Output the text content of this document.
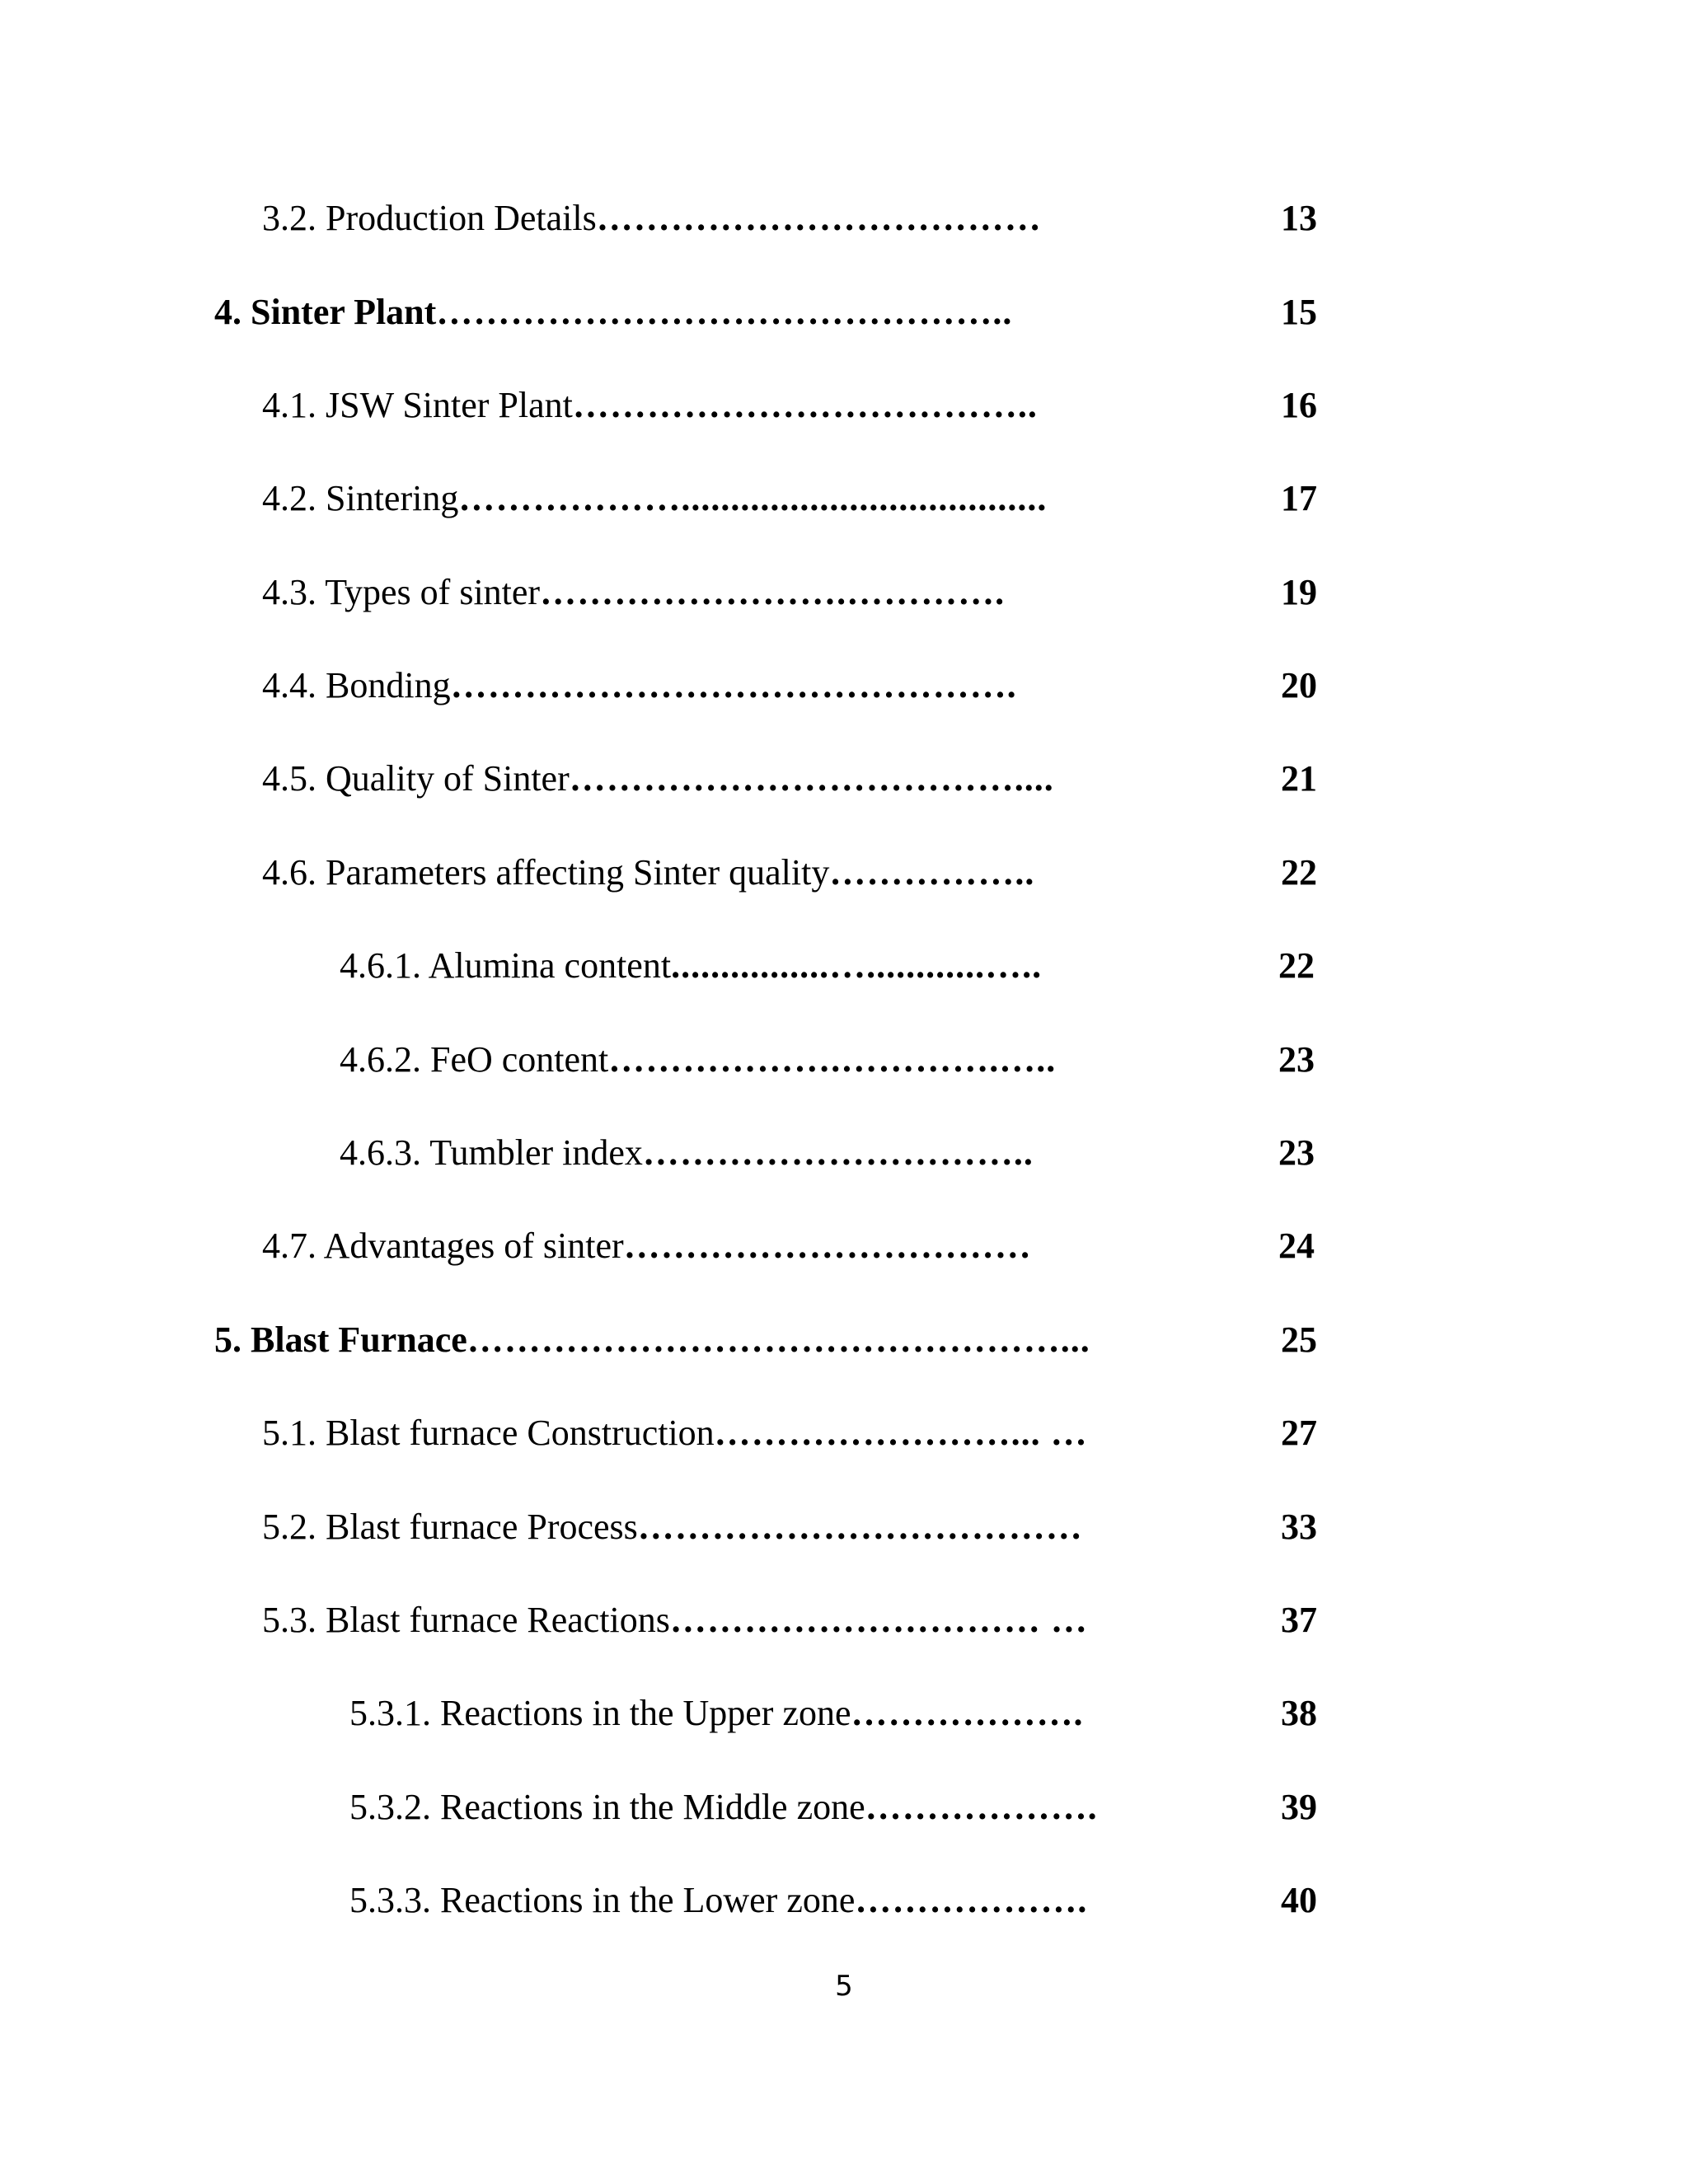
3.2. Production Details………………………………	13
4. Sinter Plant………………………………………..	15
4.1. JSW Sinter Plant………………………………..	16
4.2. Sintering……………….....................................	17
4.3. Types of sinter…………………….………….	19
4.4. Bonding……………………………………….	20
4.5. Quality of Sinter………………………………....	21
4.6. Parameters affecting Sinter quality……………..	22
4.6.1. Alumina content................…............…..	22
4.6.2. FeO content……………….………….…..	23
4.6.3. Tumbler index…………………………..	23
4.7. Advantages of sinter……………………………	24
5. Blast Furnace…………………………………………...	25
5.1. Blast furnace Construction……………………... …	27
5.2. Blast furnace Process………………………………	33
5.3. Blast furnace Reactions………………………… …	37
5.3.1. Reactions in the Upper zone……………….	38
5.3.2. Reactions in the Middle zone……………….	39
5.3.3. Reactions in the Lower zone……………….	40
5
